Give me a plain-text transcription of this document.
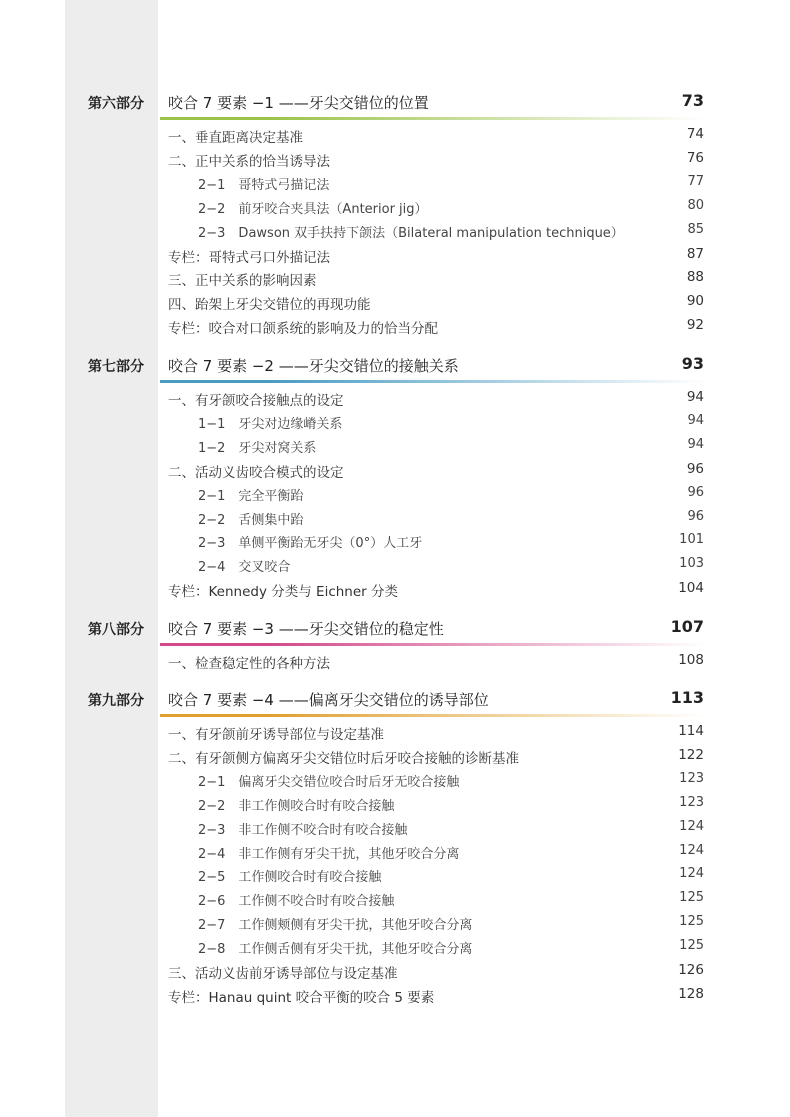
第六部分	咬合 7 要素 −1 ——牙尖交错位的位置	73
一、垂直距离决定基准	74
二、正中关系的恰当诱导法	76
2−1　哥特式弓描记法	77
2−2　前牙咬合夹具法（Anterior jig）	80
2−3　Dawson 双手扶持下颌法（Bilateral manipulation technique）	85
专栏：哥特式弓口外描记法	87
三、正中关系的影响因素	88
四、跆架上牙尖交错位的再现功能	90
专栏：咬合对口颌系统的影响及力的恰当分配	92
第七部分	咬合 7 要素 −2 ——牙尖交错位的接触关系	93
一、有牙颌咬合接触点的设定	94
1−1　牙尖对边缘嵴关系	94
1−2　牙尖对窝关系	94
二、活动义齿咬合模式的设定	96
2−1　完全平衡跆	96
2−2　舌侧集中跆	96
2−3　单侧平衡跆无牙尖（0°）人工牙	101
2−4　交叉咬合	103
专栏：Kennedy 分类与 Eichner 分类	104
第八部分	咬合 7 要素 −3 ——牙尖交错位的稳定性	107
一、检查稳定性的各种方法	108
第九部分	咬合 7 要素 −4 ——偏离牙尖交错位的诱导部位	113
一、有牙颌前牙诱导部位与设定基准	114
二、有牙颌侧方偏离牙尖交错位时后牙咬合接触的诊断基准	122
2−1　偏离牙尖交错位咬合时后牙无咬合接触	123
2−2　非工作侧咬合时有咬合接触	123
2−3　非工作侧不咬合时有咬合接触	124
2−4　非工作侧有牙尖干扰，其他牙咬合分离	124
2−5　工作侧咬合时有咬合接触	124
2−6　工作侧不咬合时有咬合接触	125
2−7　工作侧颊侧有牙尖干扰，其他牙咬合分离	125
2−8　工作侧舌侧有牙尖干扰，其他牙咬合分离	125
三、活动义齿前牙诱导部位与设定基准	126
专栏：Hanau quint 咬合平衡的咬合 5 要素	128
